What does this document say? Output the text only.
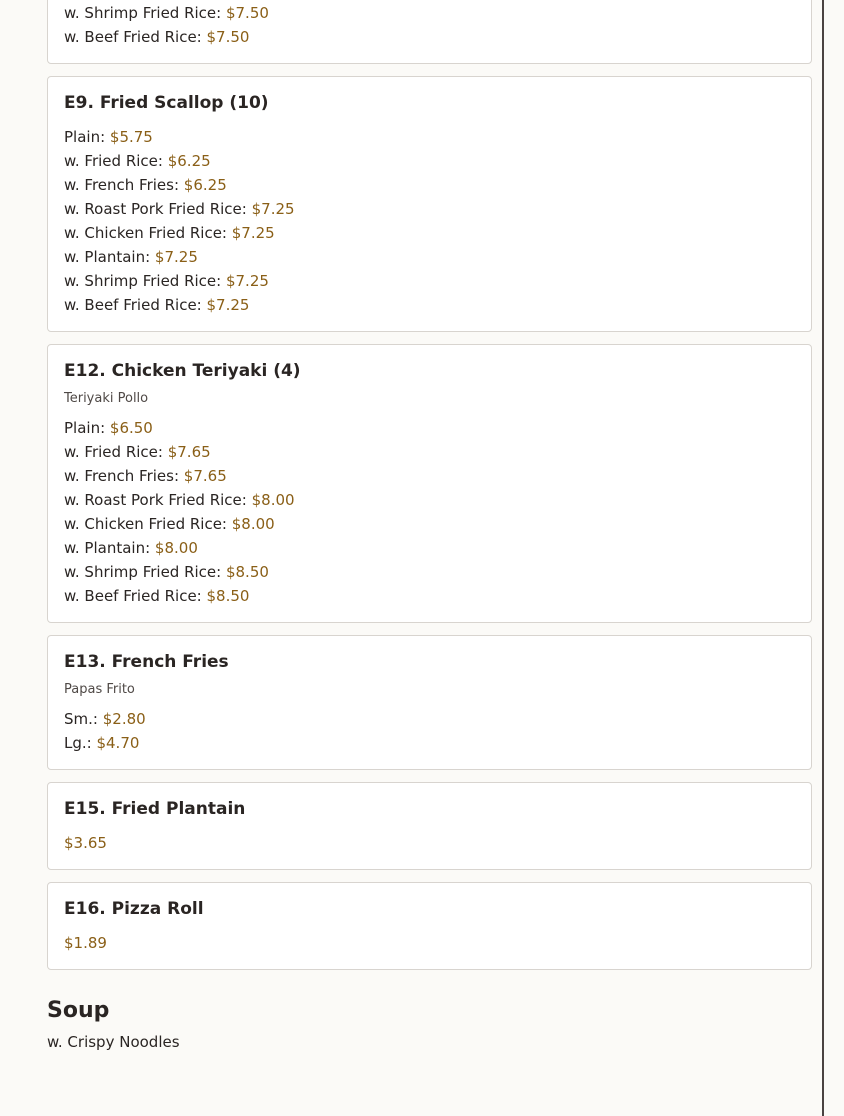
w. Shrimp Fried Rice: $7.50
w. Beef Fried Rice: $7.50
E9. Fried Scallop (10)
Plain: $5.75
w. Fried Rice: $6.25
w. French Fries: $6.25
w. Roast Pork Fried Rice: $7.25
w. Chicken Fried Rice: $7.25
w. Plantain: $7.25
w. Shrimp Fried Rice: $7.25
w. Beef Fried Rice: $7.25
E12. Chicken Teriyaki (4)
Teriyaki Pollo
Plain: $6.50
w. Fried Rice: $7.65
w. French Fries: $7.65
w. Roast Pork Fried Rice: $8.00
w. Chicken Fried Rice: $8.00
w. Plantain: $8.00
w. Shrimp Fried Rice: $8.50
w. Beef Fried Rice: $8.50
E13. French Fries
Papas Frito
Sm.: $2.80
Lg.: $4.70
E15. Fried Plantain
$3.65
E16. Pizza Roll
$1.89
Soup
w. Crispy Noodles
